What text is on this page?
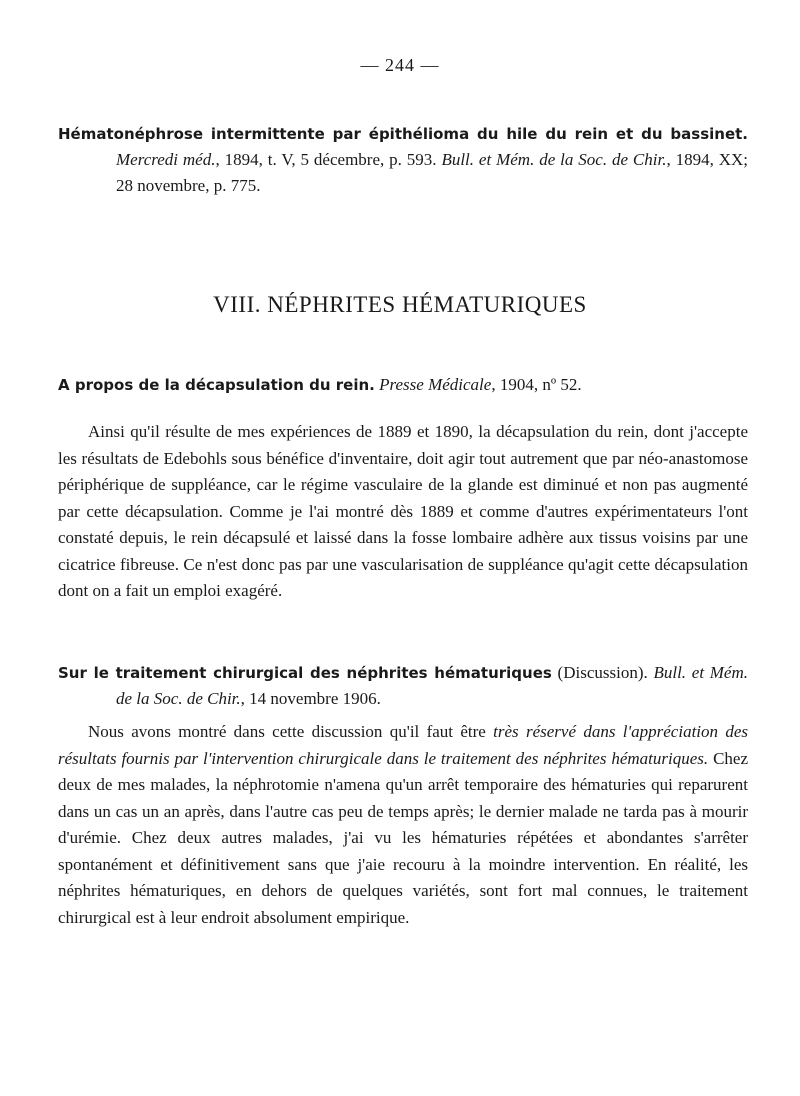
— 244 —

Hématonéphrose intermittente par épithélioma du hile du rein et du bassinet. Mercredi méd., 1894, t. V, 5 décembre, p. 593. Bull. et Mém. de la Soc. de Chir., 1894, XX; 28 novembre, p. 775.

VIII. NÉPHRITES HÉMATURIQUES

A propos de la décapsulation du rein. Presse Médicale, 1904, nº 52.

Ainsi qu'il résulte de mes expériences de 1889 et 1890, la décapsulation du rein, dont j'accepte les résultats de Edebohls sous bénéfice d'inventaire, doit agir tout autrement que par néo-anastomose périphérique de suppléance, car le régime vasculaire de la glande est diminué et non pas augmenté par cette décapsulation. Comme je l'ai montré dès 1889 et comme d'autres expérimentateurs l'ont constaté depuis, le rein décapsulé et laissé dans la fosse lombaire adhère aux tissus voisins par une cicatrice fibreuse. Ce n'est donc pas par une vascularisation de suppléance qu'agit cette décapsulation dont on a fait un emploi exagéré.

Sur le traitement chirurgical des néphrites hématuriques (Discussion). Bull. et Mém. de la Soc. de Chir., 14 novembre 1906.

Nous avons montré dans cette discussion qu'il faut être très réservé dans l'appréciation des résultats fournis par l'intervention chirurgicale dans le traitement des néphrites hématuriques. Chez deux de mes malades, la néphrotomie n'amena qu'un arrêt temporaire des hématuries qui reparurent dans un cas un an après, dans l'autre cas peu de temps après; le dernier malade ne tarda pas à mourir d'urémie. Chez deux autres malades, j'ai vu les hématuries répétées et abondantes s'arrêter spontanément et définitivement sans que j'aie recouru à la moindre intervention. En réalité, les néphrites hématuriques, en dehors de quelques variétés, sont fort mal connues, le traitement chirurgical est à leur endroit absolument empirique.
